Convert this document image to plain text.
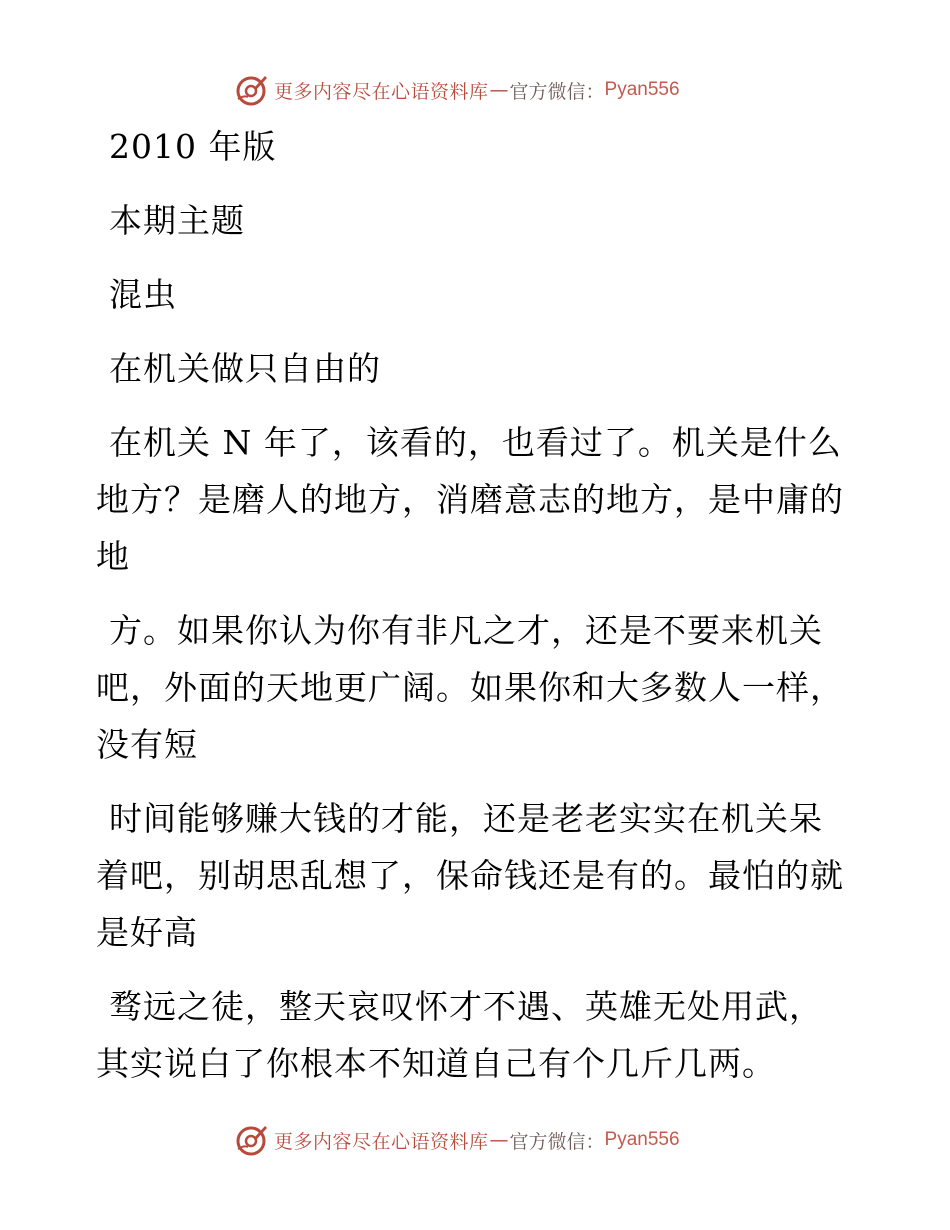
更多内容尽在心语资料库 — 官方微信： Pyan556
2010 年版
本期主题
混虫
在机关做只自由的
在机关 N 年了，该看的，也看过了。机关是什么
地方？是磨人的地方，消磨意志的地方，是中庸的
地
方。如果你认为你有非凡之才，还是不要来机关
吧，外面的天地更广阔。如果你和大多数人一样，
没有短
时间能够赚大钱的才能，还是老老实实在机关呆
着吧，别胡思乱想了，保命钱还是有的。最怕的就
是好高
骛远之徒，整天哀叹怀才不遇、英雄无处用武，
其实说白了你根本不知道自己有个几斤几两。
更多内容尽在心语资料库 — 官方微信： Pyan556
